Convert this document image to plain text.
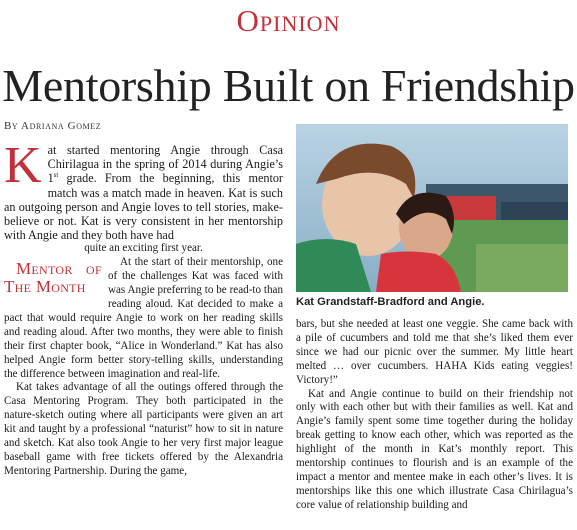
Opinion
Mentorship Built on Friendship
By Adriana Gomez

Kat started mentoring Angie through Casa Chirilagua in the spring of 2014 during Angie’s 1st grade. From the beginning, this mentor match was a match made in heaven. Kat is such an outgoing person and Angie loves to tell stories, make-believe or not. Kat is very consistent in her mentorship with Angie and they both have had

quite an exciting first year.

Mentor of The Month
At the start of their mentorship, one of the challenges Kat was faced with was Angie preferring to be read-to than reading aloud. Kat decided to make a pact that would require Angie to work on her reading skills and reading aloud. After two months, they were able to finish their first chapter book, “Alice in Wonderland.” Kat has also helped Angie form better story-telling skills, understanding the difference between imagination and real-life.

Kat takes advantage of all the outings offered through the Casa Mentoring Program. They both participated in the nature-sketch outing where all participants were given an art kit and taught by a professional “naturist” how to sit in nature and sketch. Kat also took Angie to her very first major league baseball game with free tickets offered by the Alexandria Mentoring Partnership. During the game,

Kat Grandstaff-Bradford and Angie.

bars, but she needed at least one veggie. She came back with a pile of cucumbers and told me that she’s liked them ever since we had our picnic over the summer. My little heart melted … over cucumbers. HAHA Kids eating veggies! Victory!”

Kat and Angie continue to build on their friendship not only with each other but with their families as well. Kat and Angie’s family spent some time together during the holiday break getting to know each other, which was reported as the highlight of the month in Kat’s monthly report. This mentorship continues to flourish and is an example of the impact a mentor and mentee make in each other’s lives. It is mentorships like this one which illustrate Casa Chirilagua’s core value of relationship building and
